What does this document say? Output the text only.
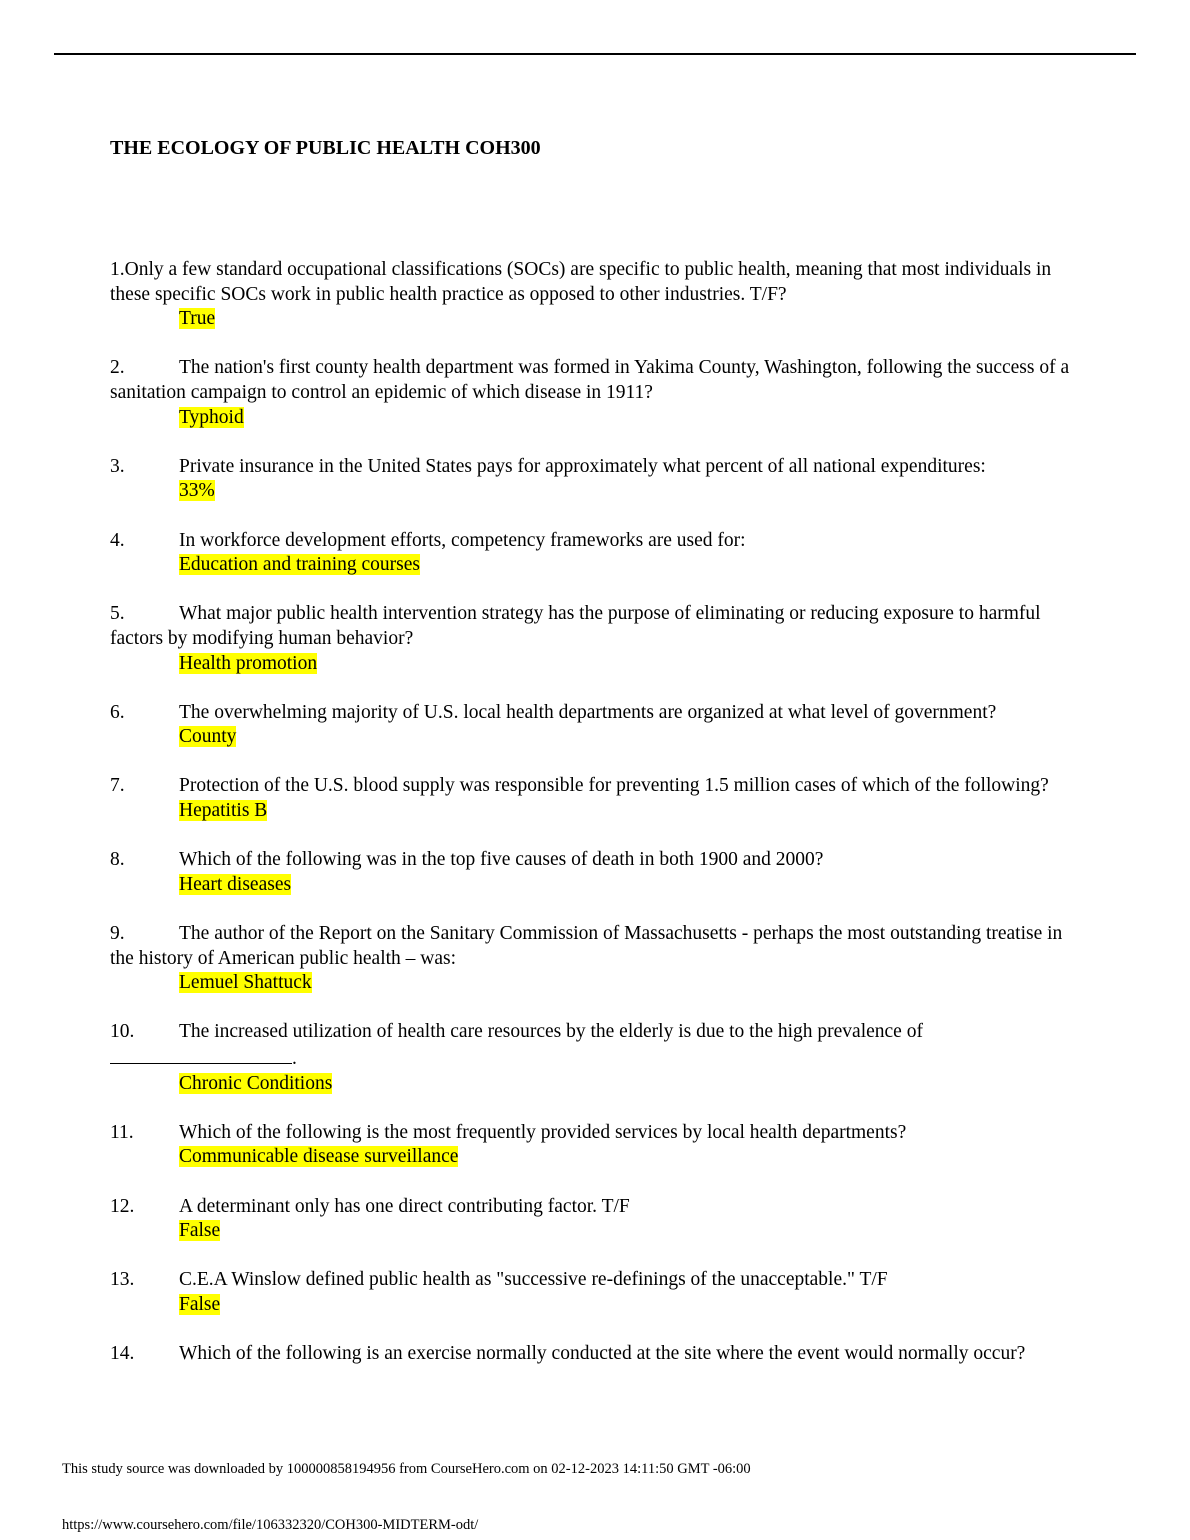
THE ECOLOGY OF PUBLIC HEALTH COH300
1.Only a few standard occupational classifications (SOCs) are specific to public health, meaning that most individuals in these specific SOCs work in public health practice as opposed to other industries. T/F?
True
2.	The nation's first county health department was formed in Yakima County, Washington, following the success of a sanitation campaign to control an epidemic of which disease in 1911?
Typhoid
3.	Private insurance in the United States pays for approximately what percent of all national expenditures:
33%
4.	In workforce development efforts, competency frameworks are used for:
Education and training courses
5.	What major public health intervention strategy has the purpose of eliminating or reducing exposure to harmful factors by modifying human behavior?
Health promotion
6.	The overwhelming majority of U.S. local health departments are organized at what level of government?
County
7.	Protection of the U.S. blood supply was responsible for preventing 1.5 million cases of which of the following?
Hepatitis B
8.	Which of the following was in the top five causes of death in both 1900 and 2000?
Heart diseases
9.	The author of the Report on the Sanitary Commission of Massachusetts - perhaps the most outstanding treatise in the history of American public health – was:
Lemuel Shattuck
10. The increased utilization of health care resources by the elderly is due to the high prevalence of
.
Chronic Conditions
11. Which of the following is the most frequently provided services by local health departments?
Communicable disease surveillance
12. A determinant only has one direct contributing factor. T/F
False
13. C.E.A Winslow defined public health as "successive re-definings of the unacceptable." T/F
False
14. Which of the following is an exercise normally conducted at the site where the event would normally occur?
This study source was downloaded by 100000858194956 from CourseHero.com on 02-12-2023 14:11:50 GMT -06:00
https://www.coursehero.com/file/106332320/COH300-MIDTERM-odt/
